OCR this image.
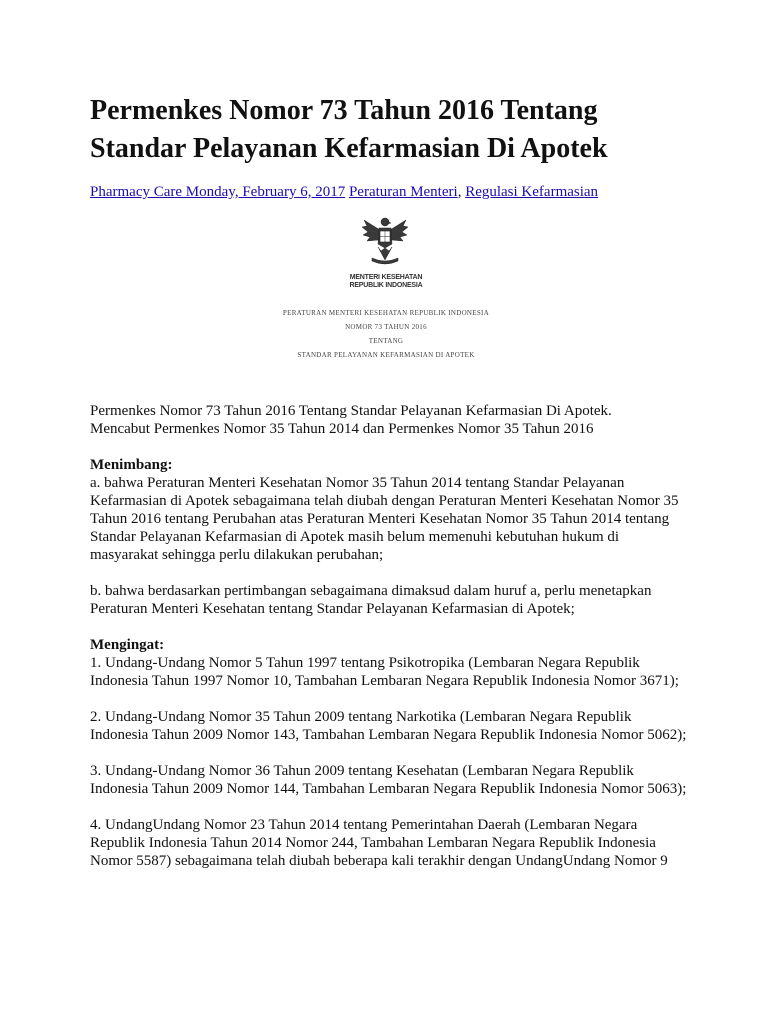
Permenkes Nomor 73 Tahun 2016 Tentang
Standar Pelayanan Kefarmasian Di Apotek
Pharmacy Care Monday, February 6, 2017 Peraturan Menteri, Regulasi Kefarmasian
MENTERI KESEHATAN
REPUBLIK INDONESIA
PERATURAN MENTERI KESEHATAN REPUBLIK INDONESIA
NOMOR 73 TAHUN 2016
TENTANG
STANDAR PELAYANAN KEFARMASIAN DI APOTEK

Permenkes Nomor 73 Tahun 2016 Tentang Standar Pelayanan Kefarmasian Di Apotek.
Mencabut Permenkes Nomor 35 Tahun 2014 dan Permenkes Nomor 35 Tahun 2016

Menimbang:
a. bahwa Peraturan Menteri Kesehatan Nomor 35 Tahun 2014 tentang Standar Pelayanan Kefarmasian di Apotek sebagaimana telah diubah dengan Peraturan Menteri Kesehatan Nomor 35 Tahun 2016 tentang Perubahan atas Peraturan Menteri Kesehatan Nomor 35 Tahun 2014 tentang Standar Pelayanan Kefarmasian di Apotek masih belum memenuhi kebutuhan hukum di masyarakat sehingga perlu dilakukan perubahan;

b. bahwa berdasarkan pertimbangan sebagaimana dimaksud dalam huruf a, perlu menetapkan Peraturan Menteri Kesehatan tentang Standar Pelayanan Kefarmasian di Apotek;

Mengingat:
1. Undang-Undang Nomor 5 Tahun 1997 tentang Psikotropika (Lembaran Negara Republik Indonesia Tahun 1997 Nomor 10, Tambahan Lembaran Negara Republik Indonesia Nomor 3671);

2. Undang-Undang Nomor 35 Tahun 2009 tentang Narkotika (Lembaran Negara Republik Indonesia Tahun 2009 Nomor 143, Tambahan Lembaran Negara Republik Indonesia Nomor 5062);

3. Undang-Undang Nomor 36 Tahun 2009 tentang Kesehatan (Lembaran Negara Republik Indonesia Tahun 2009 Nomor 144, Tambahan Lembaran Negara Republik Indonesia Nomor 5063);

4. UndangUndang Nomor 23 Tahun 2014 tentang Pemerintahan Daerah (Lembaran Negara Republik Indonesia Tahun 2014 Nomor 244, Tambahan Lembaran Negara Republik Indonesia Nomor 5587) sebagaimana telah diubah beberapa kali terakhir dengan UndangUndang Nomor 9
